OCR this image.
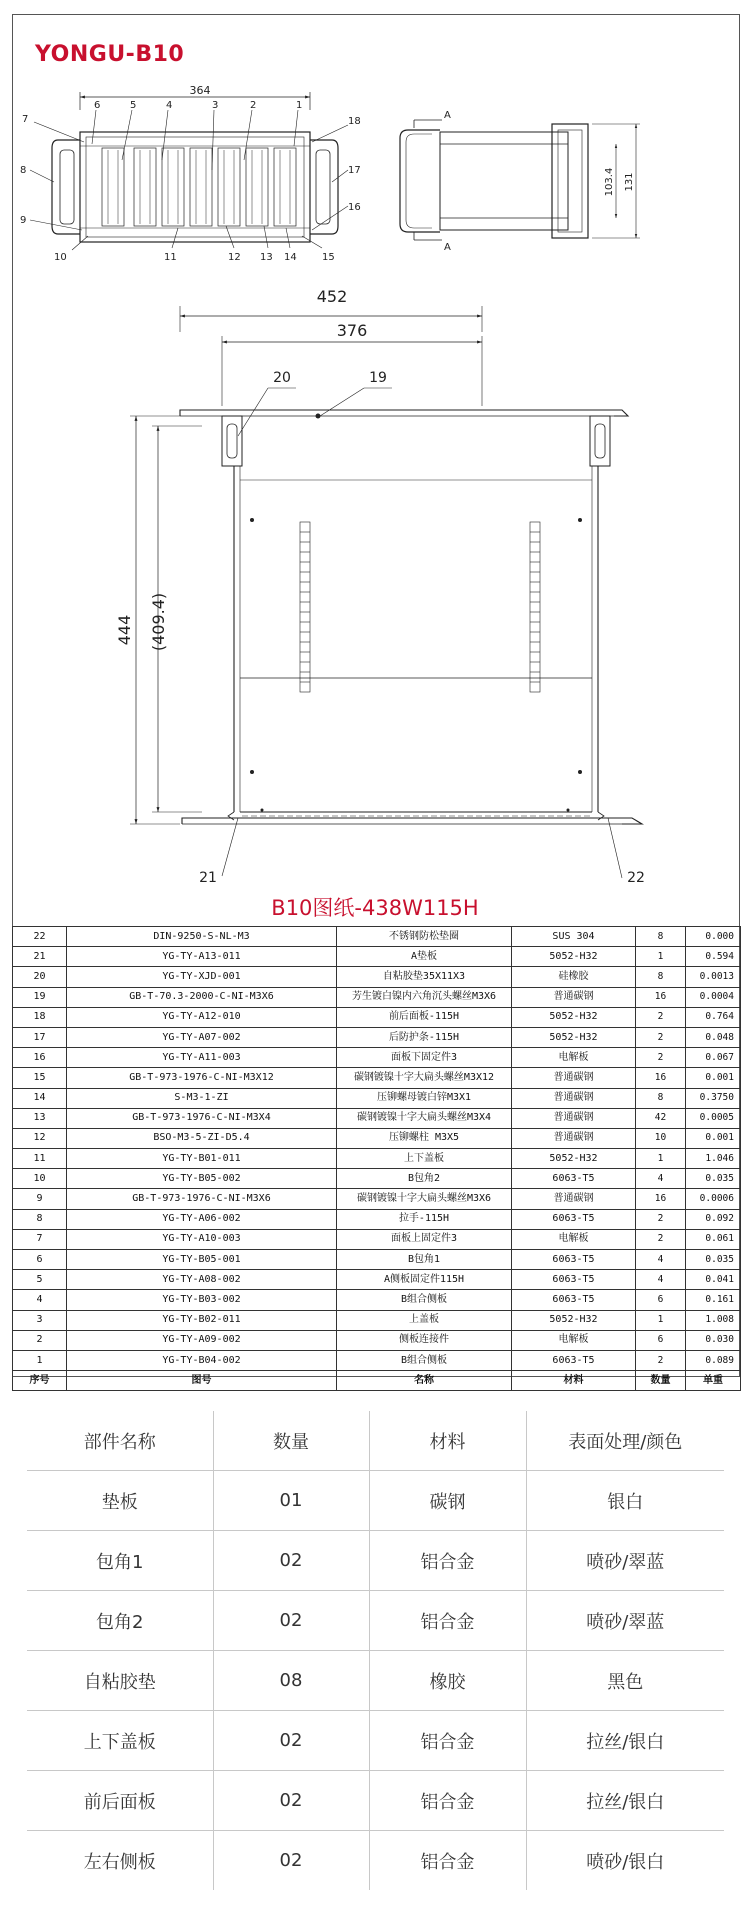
YONGU-B10
364
7
6	5	4	3	2	1
18
8
9
17
16
10	11	12 13 14	15
A
A
103.4 131
452
376
444 (409.4)
20	19
21	22
B10图纸-438W115H
22	DIN-9250-S-NL-M3	不锈钢防松垫圈	SUS 304	8	0.000
21	YG-TY-A13-011	A垫板	5052-H32	1	0.594
20	YG-TY-XJD-001	自粘胶垫35X11X3	硅橡胶	8	0.0013
19	GB-T-70.3-2000-C-NI-M3X6	芳生镀白镍内六角沉头螺丝M3X6	普通碳钢	16	0.0004
18	YG-TY-A12-010	前后面板-115H	5052-H32	2	0.764
17	YG-TY-A07-002	后防护条-115H	5052-H32	2	0.048
16	YG-TY-A11-003	面板下固定件3	电解板	2	0.067
15	GB-T-973-1976-C-NI-M3X12	碳钢镀镍十字大扁头螺丝M3X12	普通碳钢	16	0.001
14	S-M3-1-ZI	压铆螺母镀白锌M3X1	普通碳钢	8	0.3750
13	GB-T-973-1976-C-NI-M3X4	碳钢镀镍十字大扁头螺丝M3X4	普通碳钢	42	0.0005
12	BSO-M3-5-ZI-D5.4	压铆螺柱 M3X5	普通碳钢	10	0.001
11	YG-TY-B01-011	上下盖板	5052-H32	1	1.046
10	YG-TY-B05-002	B包角2	6063-T5	4	0.035
9	GB-T-973-1976-C-NI-M3X6	碳钢镀镍十字大扁头螺丝M3X6	普通碳钢	16	0.0006
8	YG-TY-A06-002	拉手-115H	6063-T5	2	0.092
7	YG-TY-A10-003	面板上固定件3	电解板	2	0.061
6	YG-TY-B05-001	B包角1	6063-T5	4	0.035
5	YG-TY-A08-002	A侧板固定件115H	6063-T5	4	0.041
4	YG-TY-B03-002	B组合侧板	6063-T5	6	0.161
3	YG-TY-B02-011	上盖板	5052-H32	1	1.008
2	YG-TY-A09-002	侧板连接件	电解板	6	0.030
1	YG-TY-B04-002	B组合侧板	6063-T5	2	0.089
序号	图号	名称	材料	数量	单重
部件名称	数量	材料	表面处理/颜色
垫板	01	碳钢	银白
包角1	02	铝合金	喷砂/翠蓝
包角2	02	铝合金	喷砂/翠蓝
自粘胶垫	08	橡胶	黑色
上下盖板	02	铝合金	拉丝/银白
前后面板	02	铝合金	拉丝/银白
左右侧板	02	铝合金	喷砂/银白
